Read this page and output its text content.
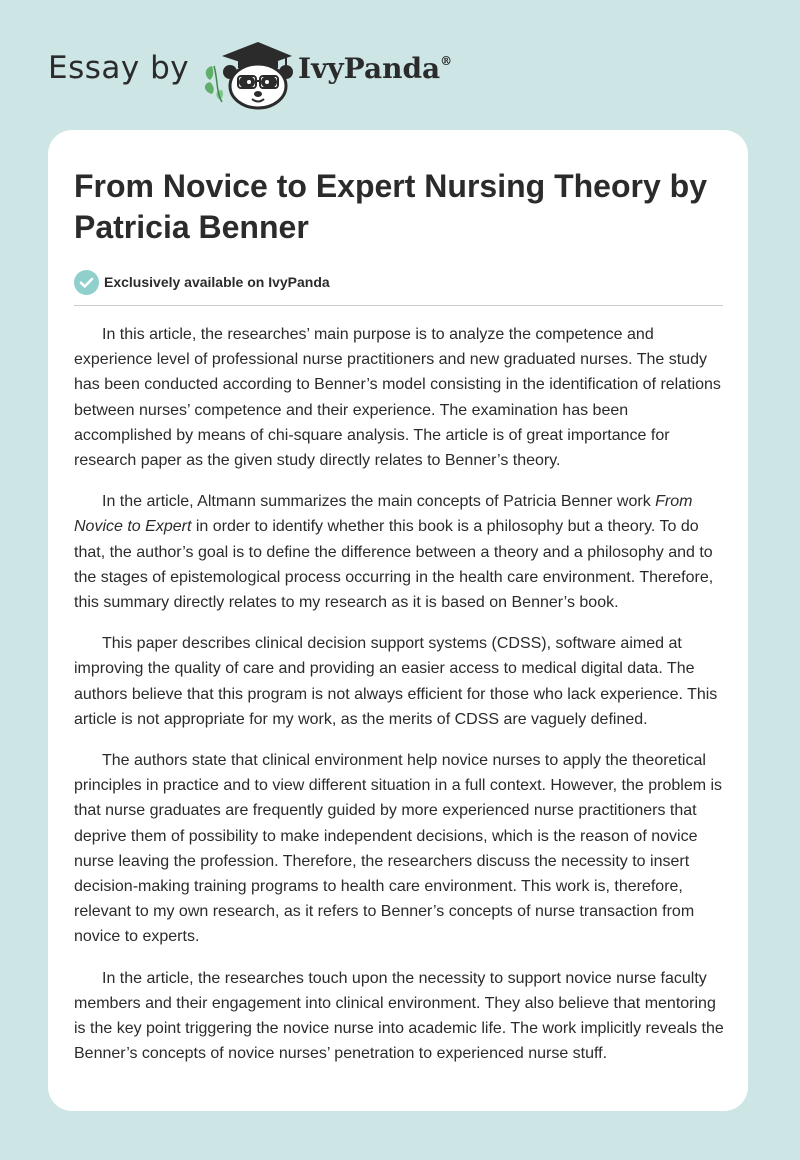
Essay by	IvyPanda®
From Novice to Expert Nursing Theory by Patricia Benner
Exclusively available on IvyPanda

In this article, the researches’ main purpose is to analyze the competence and experience level of professional nurse practitioners and new graduated nurses. The study has been conducted according to Benner’s model consisting in the identification of relations between nurses’ competence and their experience. The examination has been accomplished by means of chi-square analysis. The article is of great importance for research paper as the given study directly relates to Benner’s theory.

In the article, Altmann summarizes the main concepts of Patricia Benner work From Novice to Expert in order to identify whether this book is a philosophy but a theory. To do that, the author’s goal is to define the difference between a theory and a philosophy and to the stages of epistemological process occurring in the health care environment. Therefore, this summary directly relates to my research as it is based on Benner’s book.

This paper describes clinical decision support systems (CDSS), software aimed at improving the quality of care and providing an easier access to medical digital data. The authors believe that this program is not always efficient for those who lack experience. This article is not appropriate for my work, as the merits of CDSS are vaguely defined.

The authors state that clinical environment help novice nurses to apply the theoretical principles in practice and to view different situation in a full context. However, the problem is that nurse graduates are frequently guided by more experienced nurse practitioners that deprive them of possibility to make independent decisions, which is the reason of novice nurse leaving the profession. Therefore, the researchers discuss the necessity to insert decision-making training programs to health care environment. This work is, therefore, relevant to my own research, as it refers to Benner’s concepts of nurse transaction from novice to experts.

In the article, the researches touch upon the necessity to support novice nurse faculty members and their engagement into clinical environment. They also believe that mentoring is the key point triggering the novice nurse into academic life. The work implicitly reveals the Benner’s concepts of novice nurses’ penetration to experienced nurse stuff.
